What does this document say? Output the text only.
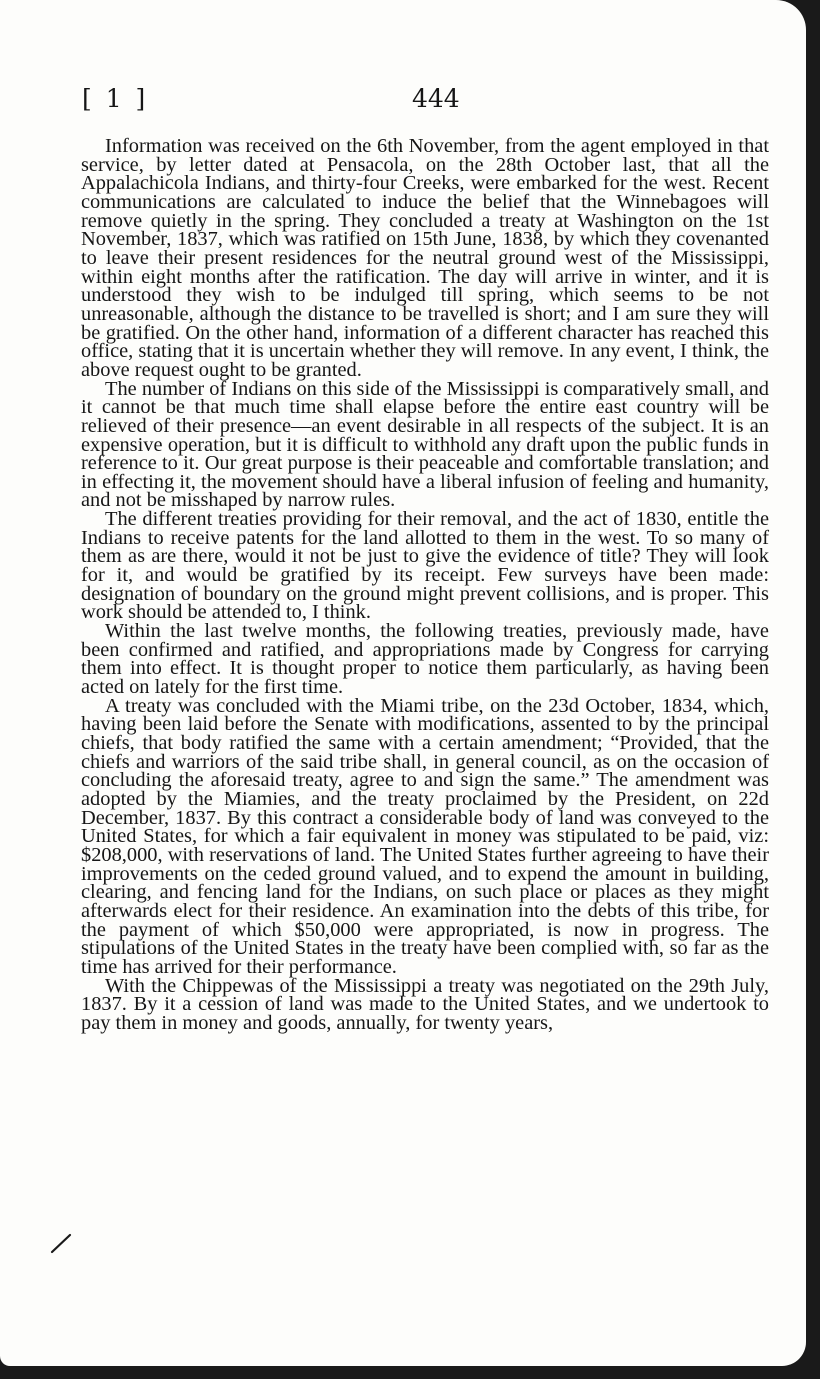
[ 1 ]	444

Information was received on the 6th November, from the agent employed in that service, by letter dated at Pensacola, on the 28th October last, that all the Appalachicola Indians, and thirty-four Creeks, were embarked for the west. Recent communications are calculated to induce the belief that the Winnebagoes will remove quietly in the spring. They concluded a treaty at Washington on the 1st November, 1837, which was ratified on 15th June, 1838, by which they covenanted to leave their present residences for the neutral ground west of the Mississippi, within eight months after the ratification. The day will arrive in winter, and it is understood they wish to be indulged till spring, which seems to be not unreasonable, although the distance to be travelled is short; and I am sure they will be gratified. On the other hand, information of a different character has reached this office, stating that it is uncertain whether they will remove. In any event, I think, the above request ought to be granted.

The number of Indians on this side of the Mississippi is comparatively small, and it cannot be that much time shall elapse before the entire east country will be relieved of their presence—an event desirable in all respects of the subject. It is an expensive operation, but it is difficult to withhold any draft upon the public funds in reference to it. Our great purpose is their peaceable and comfortable translation; and in effecting it, the movement should have a liberal infusion of feeling and humanity, and not be misshaped by narrow rules.

The different treaties providing for their removal, and the act of 1830, entitle the Indians to receive patents for the land allotted to them in the west. To so many of them as are there, would it not be just to give the evidence of title? They will look for it, and would be gratified by its receipt. Few surveys have been made: designation of boundary on the ground might prevent collisions, and is proper. This work should be attended to, I think.

Within the last twelve months, the following treaties, previously made, have been confirmed and ratified, and appropriations made by Congress for carrying them into effect. It is thought proper to notice them particularly, as having been acted on lately for the first time.

A treaty was concluded with the Miami tribe, on the 23d October, 1834, which, having been laid before the Senate with modifications, assented to by the principal chiefs, that body ratified the same with a certain amendment; “Provided, that the chiefs and warriors of the said tribe shall, in general council, as on the occasion of concluding the aforesaid treaty, agree to and sign the same.” The amendment was adopted by the Miamies, and the treaty proclaimed by the President, on 22d December, 1837. By this contract a considerable body of land was conveyed to the United States, for which a fair equivalent in money was stipulated to be paid, viz: $208,000, with reservations of land. The United States further agreeing to have their improvements on the ceded ground valued, and to expend the amount in building, clearing, and fencing land for the Indians, on such place or places as they might afterwards elect for their residence. An examination into the debts of this tribe, for the payment of which $50,000 were appropriated, is now in progress. The stipulations of the United States in the treaty have been complied with, so far as the time has arrived for their performance.

With the Chippewas of the Mississippi a treaty was negotiated on the 29th July, 1837. By it a cession of land was made to the United States, and we undertook to pay them in money and goods, annually, for twenty years,
